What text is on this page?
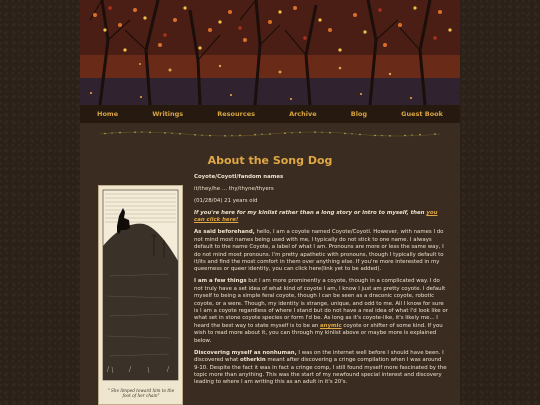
Home	Writings	Resources	Archive	Blog	Guest Book
About the Song Dog
" She limped toward him to the foot of her chain"

Coyote/Coyotl/fandom names

it/they/he … thy/thyne/thyers

(01/28/04) 21 years old

If you're here for my kinlist rather than a long story or intro to myself, then you can click here!

As said beforehand, hello, I am a coyote named Coyote/Coyotl. However, with names I do not mind most names being used with me, I typically do not stick to one name. I always default to the name Coyote, a label of what I am. Pronouns are more or less the same way, I do not mind most pronouns. I'm pretty apathetic with pronouns, though I typically default to it/its and find the most comfort in them over anything else. If you're more interested in my queerness or queer identity, you can click here(link yet to be added).

I am a few things but I am more prominently a coyote, though in a complicated way. I do not truly have a set idea of what kind of coyote I am, I know I just am pretty coyote. I default myself to being a simple feral coyote, though I can be seen as a draconic coyote, robotic coyote, or a were. Though, my identity is strange, unique, and odd to me. All I know for sure is I am a coyote regardless of where I stand but do not have a real idea of what I'd look like or what set in stone coyote species or form I'd be. As long as it's coyote-like, it's likely me... I heard the best way to state myself is to be an anymic coyote or shifter of some kind. If you wish to read more about it, you can through my kinlist above or maybe more is explained below.

Discovering myself as nonhuman, I was on the internet well before I should have been. I discovered what otherkin meant after discovering a cringe compilation when I was around 9-10. Despite the fact it was in fact a cringe comp, I still found myself more fascinated by the topic more than anything. This was the start of my newfound special interest and discovery leading to where I am writing this as an adult in it's 20's.
